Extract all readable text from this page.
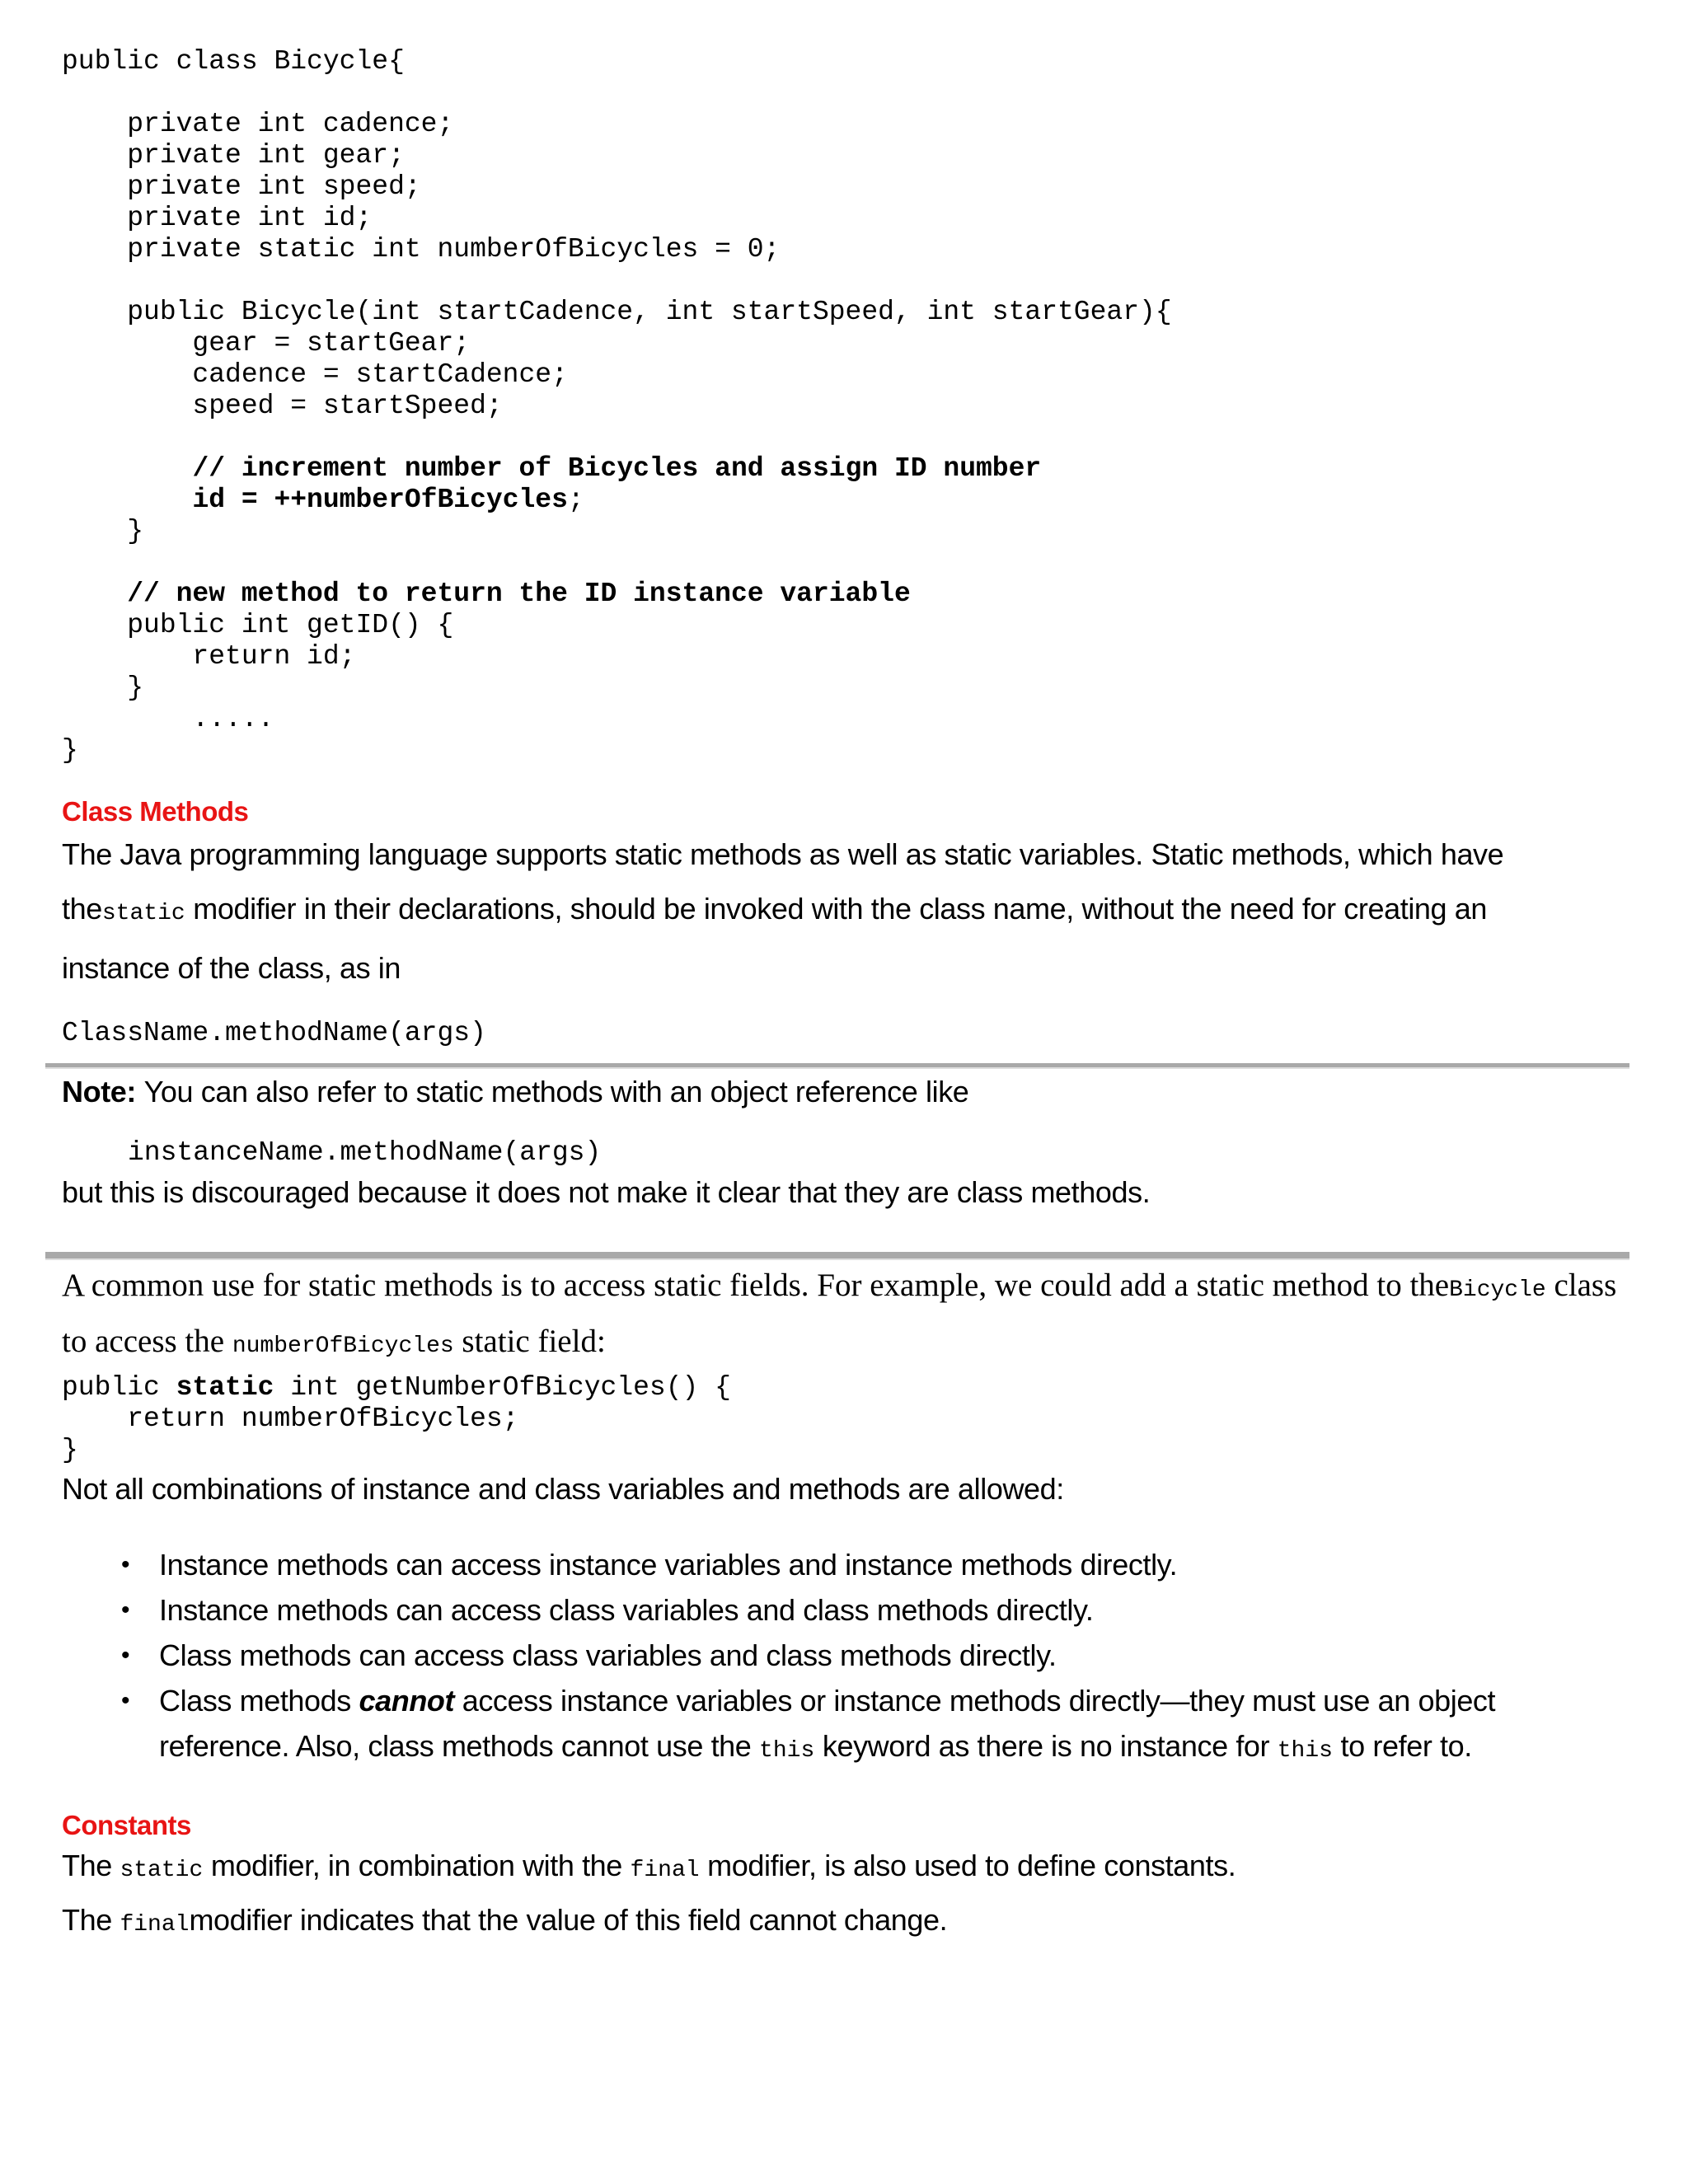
public class Bicycle{

private int cadence;
private int gear;
private int speed;
private int id;
private static int numberOfBicycles = 0;

public Bicycle(int startCadence, int startSpeed, int startGear){
gear = startGear;
cadence = startCadence;
speed = startSpeed;

// increment number of Bicycles and assign ID number
id = ++numberOfBicycles;
}

// new method to return the ID instance variable
public int getID() {
return id;
}
.....
}
Class Methods

The Java programming language supports static methods as well as static variables. Static methods, which have thestatic modifier in their declarations, should be invoked with the class name, without the need for creating an instance of the class, as in

ClassName.methodName(args)

Note: You can also refer to static methods with an object reference like

instanceName.methodName(args)

but this is discouraged because it does not make it clear that they are class methods.

A common use for static methods is to access static fields. For example, we could add a static method to theBicycle class to access the numberOfBicycles static field:

public static int getNumberOfBicycles() {
return numberOfBicycles;
}

Not all combinations of instance and class variables and methods are allowed:

• Instance methods can access instance variables and instance methods directly.
• Instance methods can access class variables and class methods directly.
• Class methods can access class variables and class methods directly.
• Class methods cannot access instance variables or instance methods directly—they must use an object reference. Also, class methods cannot use the this keyword as there is no instance for this to refer to.
Constants

The static modifier, in combination with the final modifier, is also used to define constants.

The finalmodifier indicates that the value of this field cannot change.
